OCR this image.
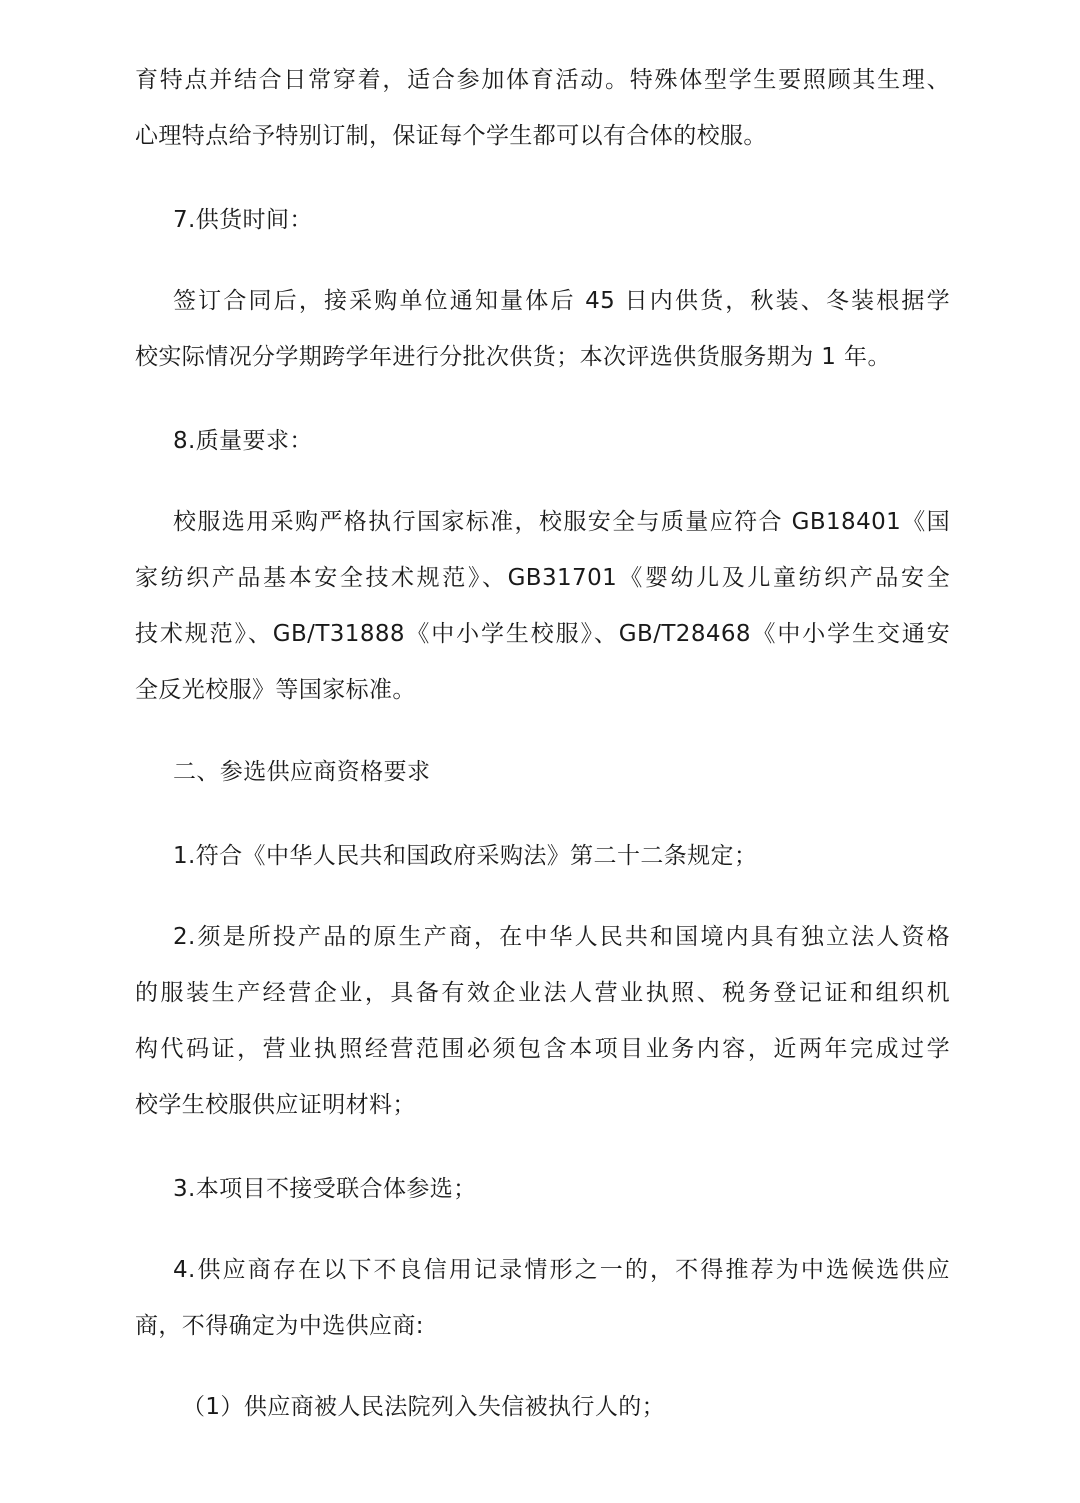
育特点并结合日常穿着，适合参加体育活动。特殊体型学生要照顾其生理、
心理特点给予特别订制，保证每个学生都可以有合体的校服。
7.供货时间：
签订合同后，接采购单位通知量体后 45 日内供货，秋装、冬装根据学
校实际情况分学期跨学年进行分批次供货；本次评选供货服务期为 1 年。
8.质量要求：
校服选用采购严格执行国家标准，校服安全与质量应符合 GB18401《国
家纺织产品基本安全技术规范》、GB31701《婴幼儿及儿童纺织产品安全
技术规范》、GB/T31888《中小学生校服》、GB/T28468《中小学生交通安
全反光校服》等国家标准。
二、参选供应商资格要求
1.符合《中华人民共和国政府采购法》第二十二条规定；
2.须是所投产品的原生产商，在中华人民共和国境内具有独立法人资格
的服装生产经营企业，具备有效企业法人营业执照、税务登记证和组织机
构代码证，营业执照经营范围必须包含本项目业务内容，近两年完成过学
校学生校服供应证明材料；
3.本项目不接受联合体参选；
4.供应商存在以下不良信用记录情形之一的，不得推荐为中选候选供应
商，不得确定为中选供应商:
（1）供应商被人民法院列入失信被执行人的；
